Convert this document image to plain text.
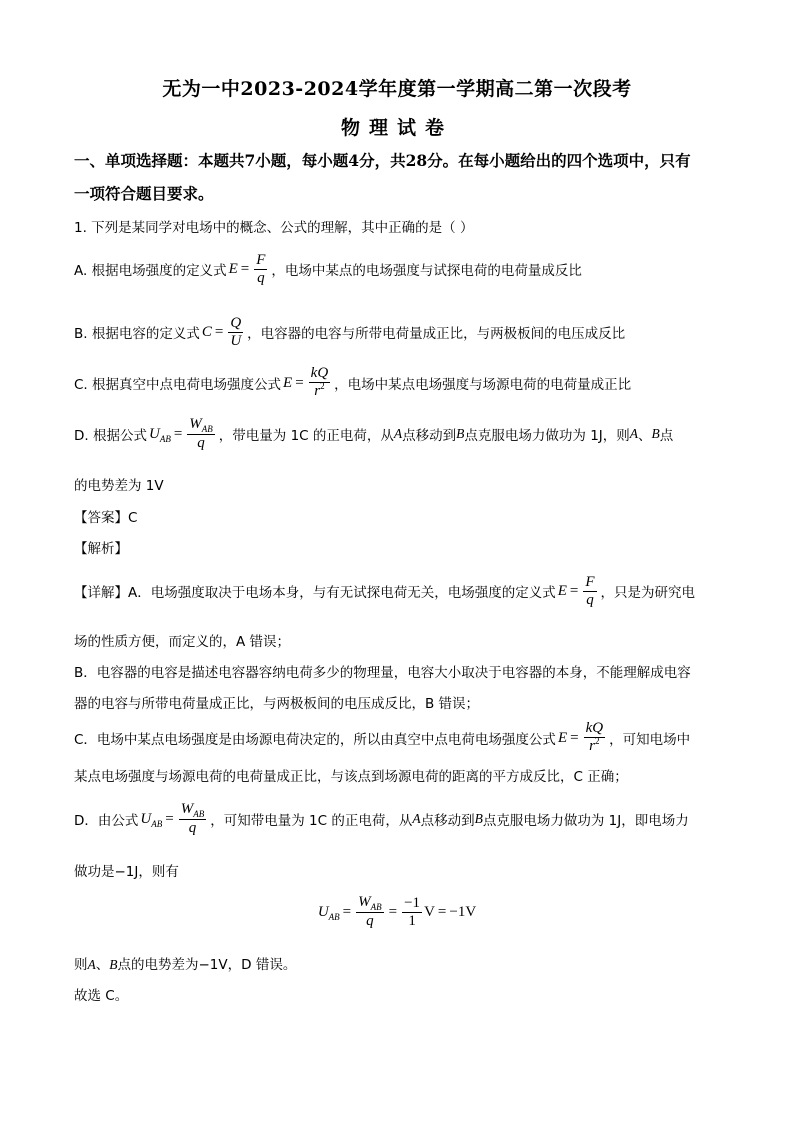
无为一中2023-2024学年度第一学期高二第一次段考
物理试卷
一、单项选择题：本题共7小题，每小题4分，共28分。在每小题给出的四个选项中，只有
一项符合题目要求。
1. 下列是某同学对电场中的概念、公式的理解，其中正确的是（ ）
A. 根据电场强度的定义式 $E = \frac{F}{q}$ ，电场中某点的电场强度与试探电荷的电荷量成反比
B. 根据电容的定义式 $C = \frac{Q}{U}$ ，电容器的电容与所带电荷量成正比，与两极板间的电压成反比
C. 根据真空中点电荷电场强度公式 $E = \frac{kQ}{r^2}$ ，电场中某点电场强度与场源电荷的电荷量成正比
D. 根据公式 U AB = $\frac{W_{AB}}{q}$ ，带电量为 1C 的正电荷，从 A 点移动到 B 点克服电场力做功为 1J，则 A 、 B 点
的电势差为 1V
【答案】C
【解析】
【详解】 A．电场强度取决于电场本身，与有无试探电荷无关，电场强度的定义式 $E = \frac{F}{q}$ ，只是为研究电
场的性质方便，而定义的，A 错误；
B．电容器的电容是描述电容器容纳电荷多少的物理量，电容大小取决于电容器的本身，不能理解成电容
器的电容与所带电荷量成正比，与两极板间的电压成反比，B 错误；
C．电场中某点电场强度是由场源电荷决定的，所以由真空中点电荷电场强度公式 $E = \frac{kQ}{r^2}$ ，可知电场中
某点电场强度与场源电荷的电荷量成正比，与该点到场源电荷的距离的平方成反比，C 正确；
D．由公式 U AB = $\frac{W_{AB}}{q}$ ，可知带电量为 1C 的正电荷，从 A 点移动到 B 点克服电场力做功为 1J，即电场力
做功是−1J，则有
U AB = $\frac{W_{AB}}{q} = \frac{-1}{1}$ V = −1V
则A、B点的电势差为−1V，D 错误。
故选 C。
